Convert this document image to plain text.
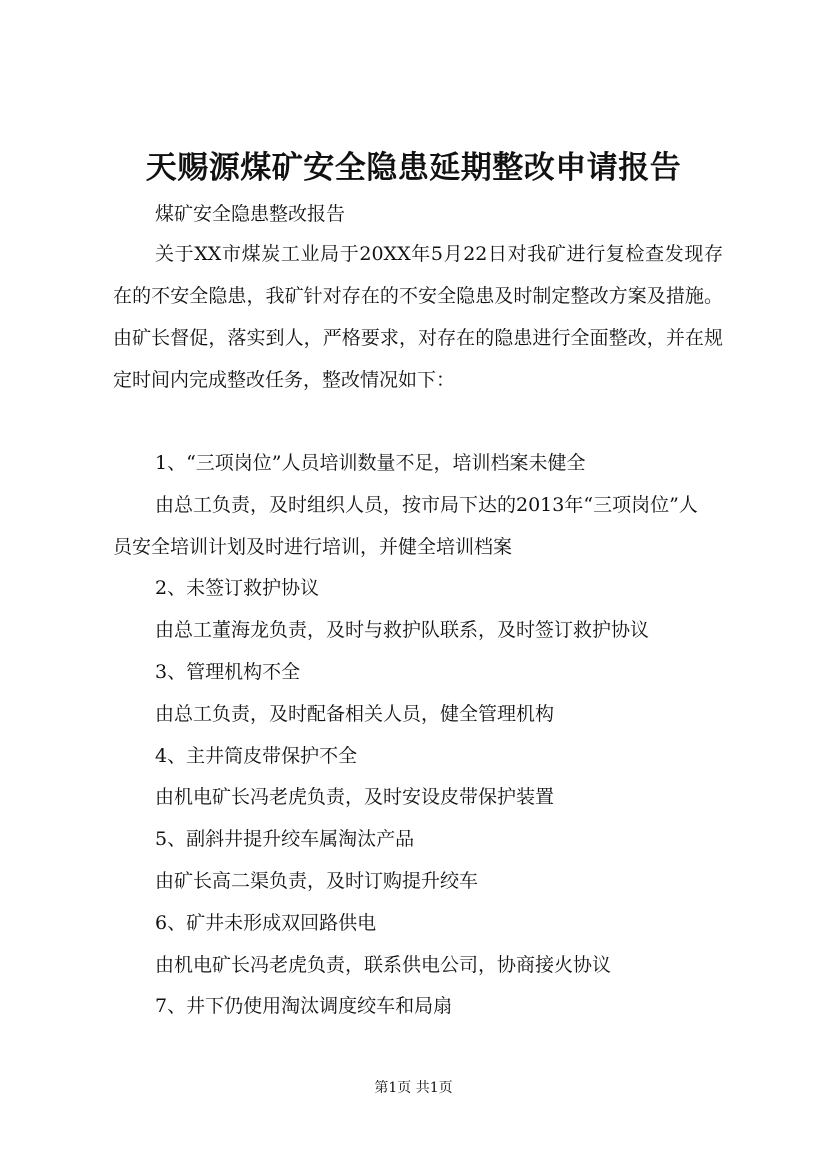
天赐源煤矿安全隐患延期整改申请报告

煤矿安全隐患整改报告

关于XX市煤炭工业局于20XX年5月22日对我矿进行复检查发现存在的不安全隐患，我矿针对存在的不安全隐患及时制定整改方案及措施。由矿长督促，落实到人，严格要求，对存在的隐患进行全面整改，并在规定时间内完成整改任务，整改情况如下：

1、“三项岗位”人员培训数量不足，培训档案未健全
由总工负责，及时组织人员，按市局下达的2013年“三项岗位”人员安全培训计划及时进行培训，并健全培训档案
2、未签订救护协议
由总工董海龙负责，及时与救护队联系，及时签订救护协议
3、管理机构不全
由总工负责，及时配备相关人员，健全管理机构
4、主井筒皮带保护不全
由机电矿长冯老虎负责，及时安设皮带保护装置
5、副斜井提升绞车属淘汰产品
由矿长高二渠负责，及时订购提升绞车
6、矿井未形成双回路供电
由机电矿长冯老虎负责，联系供电公司，协商接火协议
7、井下仍使用淘汰调度绞车和局扇
第1页 共1页
